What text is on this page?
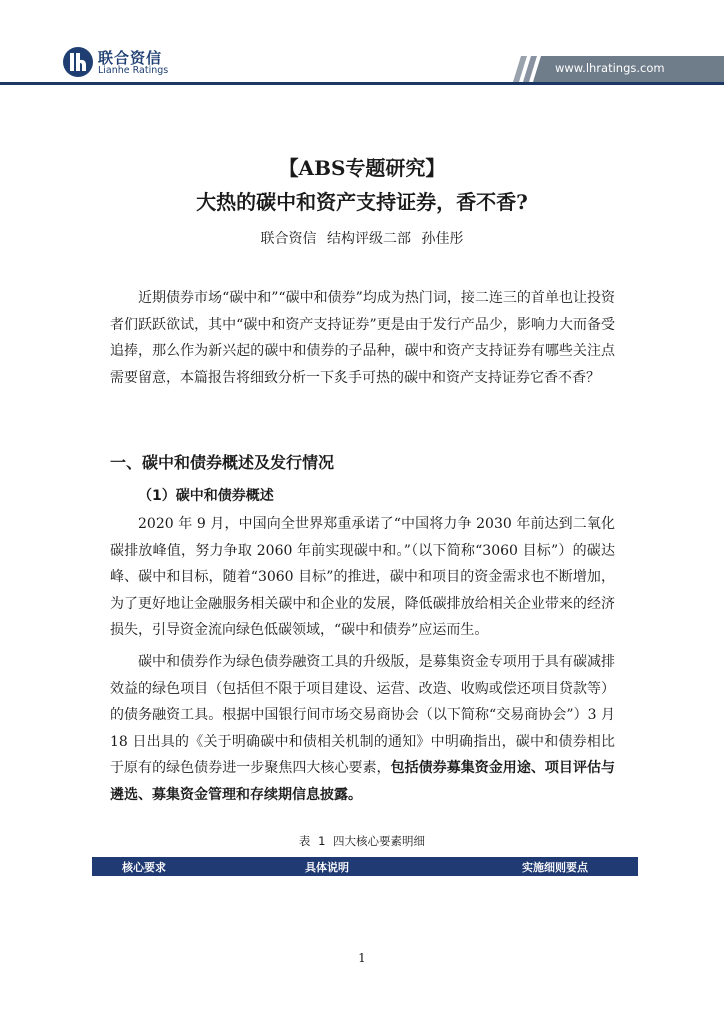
联合资信
Lianhe Ratings	www.lhratings.com
【ABS专题研究】
大热的碳中和资产支持证券，香不香?
联合资信 结构评级二部 孙佳彤

近期债券市场“碳中和”“碳中和债券”均成为热门词，接二连三的首单也让投资者们跃跃欲试，其中“碳中和资产支持证券”更是由于发行产品少，影响力大而备受追捧，那么作为新兴起的碳中和债券的子品种，碳中和资产支持证券有哪些关注点需要留意，本篇报告将细致分析一下炙手可热的碳中和资产支持证券它香不香？

一、碳中和债券概述及发行情况
（1）碳中和债券概述

2020 年 9 月，中国向全世界郑重承诺了“中国将力争 2030 年前达到二氧化碳排放峰值，努力争取 2060 年前实现碳中和。”（以下简称“3060 目标”）的碳达峰、碳中和目标，随着“3060 目标”的推进，碳中和项目的资金需求也不断增加，为了更好地让金融服务相关碳中和企业的发展，降低碳排放给相关企业带来的经济损失，引导资金流向绿色低碳领域，“碳中和债券”应运而生。

碳中和债券作为绿色债券融资工具的升级版，是募集资金专项用于具有碳减排效益的绿色项目（包括但不限于项目建设、运营、改造、收购或偿还项目贷款等）的债务融资工具。根据中国银行间市场交易商协会（以下简称“交易商协会”）3 月 18 日出具的《关于明确碳中和债相关机制的通知》中明确指出，碳中和债券相比于原有的绿色债券进一步聚焦四大核心要素，包括债券募集资金用途、项目评估与遴选、募集资金管理和存续期信息披露。

表 1 四大核心要素明细
核心要求	具体说明	实施细则要点
1
